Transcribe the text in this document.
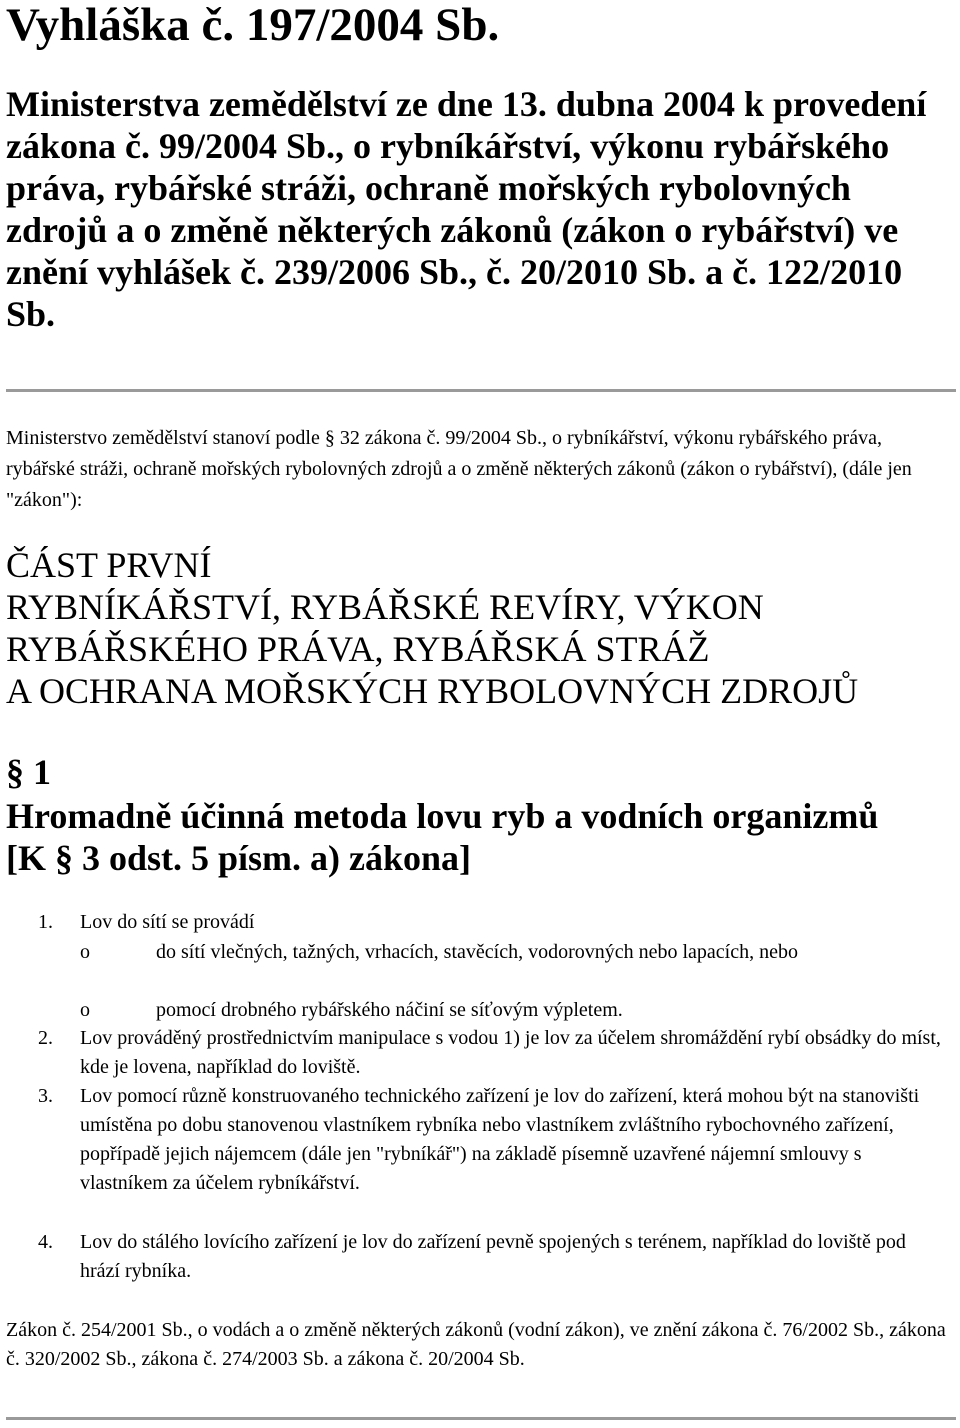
Vyhláška č. 197/2004 Sb.

Ministerstva zemědělství ze dne 13. dubna 2004 k provedení zákona č. 99/2004 Sb., o rybníkářství, výkonu rybářského práva, rybářské stráži, ochraně mořských rybolovných zdrojů a o změně některých zákonů (zákon o rybářství) ve znění vyhlášek č. 239/2006 Sb., č. 20/2010 Sb. a č. 122/2010 Sb.

Ministerstvo zemědělství stanoví podle § 32 zákona č. 99/2004 Sb., o rybníkářství, výkonu rybářského práva, rybářské stráži, ochraně mořských rybolovných zdrojů a o změně některých zákonů (zákon o rybářství), (dále jen "zákon"):

ČÁST PRVNÍ
RYBNÍKÁŘSTVÍ, RYBÁŘSKÉ REVÍRY, VÝKON
RYBÁŘSKÉHO PRÁVA, RYBÁŘSKÁ STRÁŽ
A OCHRANA MOŘSKÝCH RYBOLOVNÝCH ZDROJŮ
§ 1
Hromadně účinná metoda lovu ryb a vodních organizmů
[K § 3 odst. 5 písm. a) zákona]
1. Lov do sítí se provádí
o	do sítí vlečných, tažných, vrhacích, stavěcích, vodorovných nebo lapacích, nebo
o	pomocí drobného rybářského náčiní se síťovým výpletem.
2. Lov prováděný prostřednictvím manipulace s vodou 1) je lov za účelem shromáždění rybí obsádky do míst, kde je lovena, například do loviště.
3. Lov pomocí různě konstruovaného technického zařízení je lov do zařízení, která mohou být na stanovišti umístěna po dobu stanovenou vlastníkem rybníka nebo vlastníkem zvláštního rybochovného zařízení, popřípadě jejich nájemcem (dále jen "rybníkář") na základě písemně uzavřené nájemní smlouvy s vlastníkem za účelem rybníkářství.
4. Lov do stálého lovícího zařízení je lov do zařízení pevně spojených s terénem, například do loviště pod hrází rybníka.

Zákon č. 254/2001 Sb., o vodách a o změně některých zákonů (vodní zákon), ve znění zákona č. 76/2002 Sb., zákona č. 320/2002 Sb., zákona č. 274/2003 Sb. a zákona č. 20/2004 Sb.
